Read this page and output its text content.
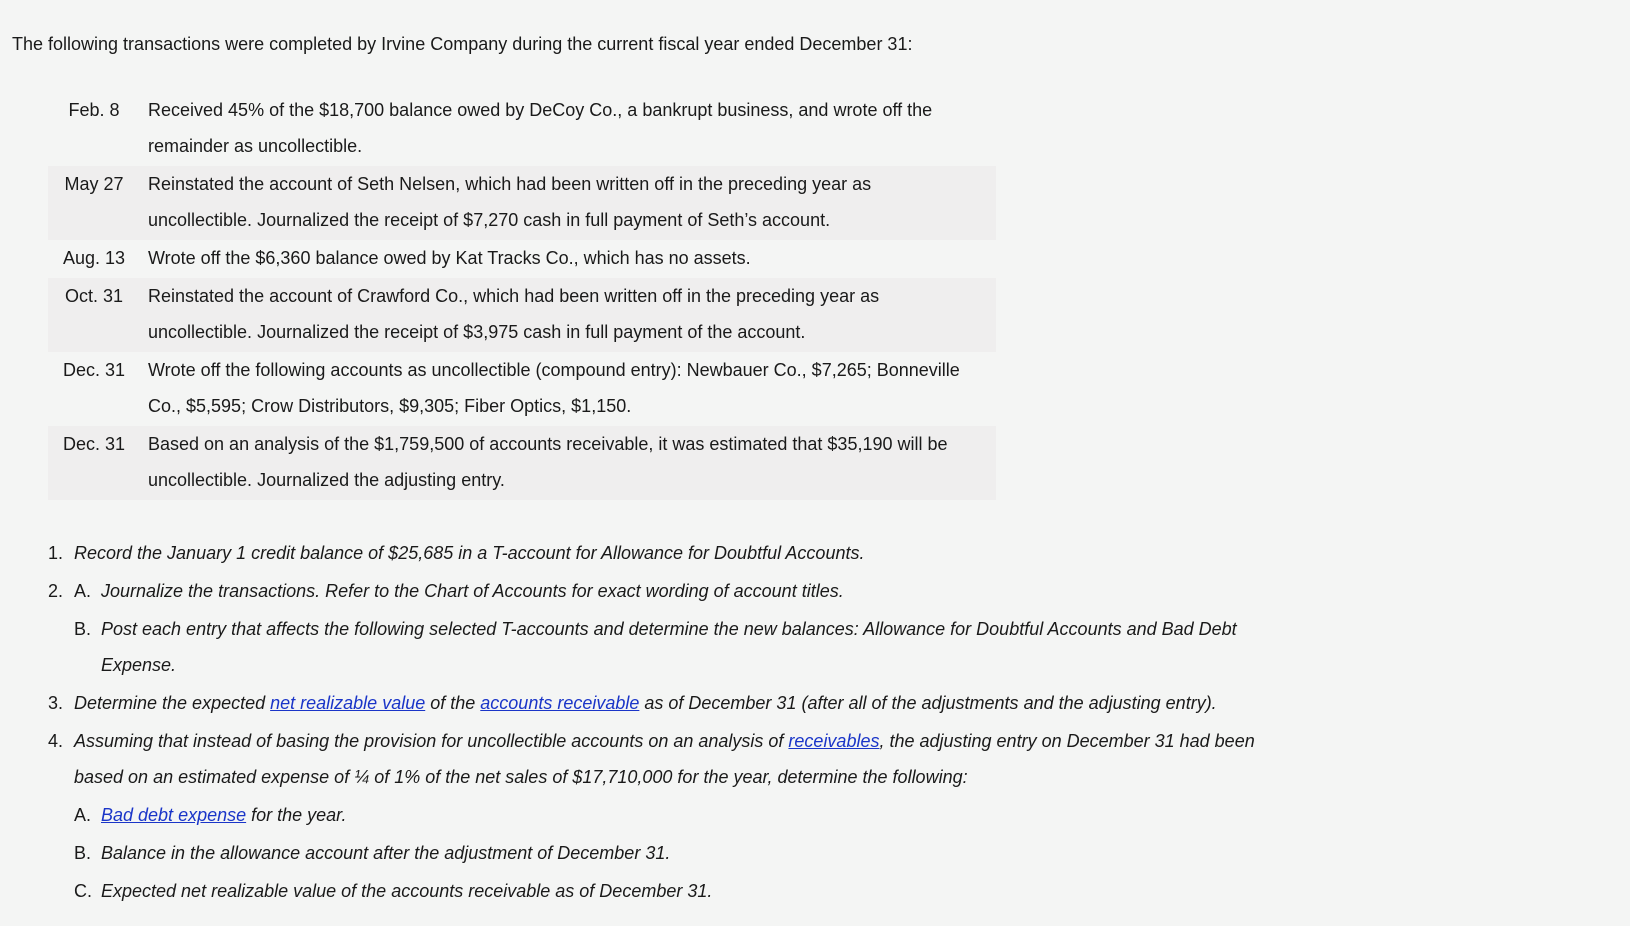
The following transactions were completed by Irvine Company during the current fiscal year ended December 31:

Feb. 8	Received 45% of the $18,700 balance owed by DeCoy Co., a bankrupt business, and wrote off the remainder as uncollectible.
May 27	Reinstated the account of Seth Nelsen, which had been written off in the preceding year as uncollectible. Journalized the receipt of $7,270 cash in full payment of Seth’s account.
Aug. 13	Wrote off the $6,360 balance owed by Kat Tracks Co., which has no assets.
Oct. 31	Reinstated the account of Crawford Co., which had been written off in the preceding year as uncollectible. Journalized the receipt of $3,975 cash in full payment of the account.
Dec. 31	Wrote off the following accounts as uncollectible (compound entry): Newbauer Co., $7,265; Bonneville Co., $5,595; Crow Distributors, $9,305; Fiber Optics, $1,150.
Dec. 31	Based on an analysis of the $1,759,500 of accounts receivable, it was estimated that $35,190 will be uncollectible. Journalized the adjusting entry.
1. Record the January 1 credit balance of $25,685 in a T-account for Allowance for Doubtful Accounts.
2. A. Journalize the transactions. Refer to the Chart of Accounts for exact wording of account titles.
B. Post each entry that affects the following selected T-accounts and determine the new balances: Allowance for Doubtful Accounts and Bad Debt Expense.
3. Determine the expected net realizable value of the accounts receivable as of December 31 (after all of the adjustments and the adjusting entry).
4. Assuming that instead of basing the provision for uncollectible accounts on an analysis of receivables, the adjusting entry on December 31 had been based on an estimated expense of ¼ of 1% of the net sales of $17,710,000 for the year, determine the following:
A. Bad debt expense for the year.
B. Balance in the allowance account after the adjustment of December 31.
C. Expected net realizable value of the accounts receivable as of December 31.
